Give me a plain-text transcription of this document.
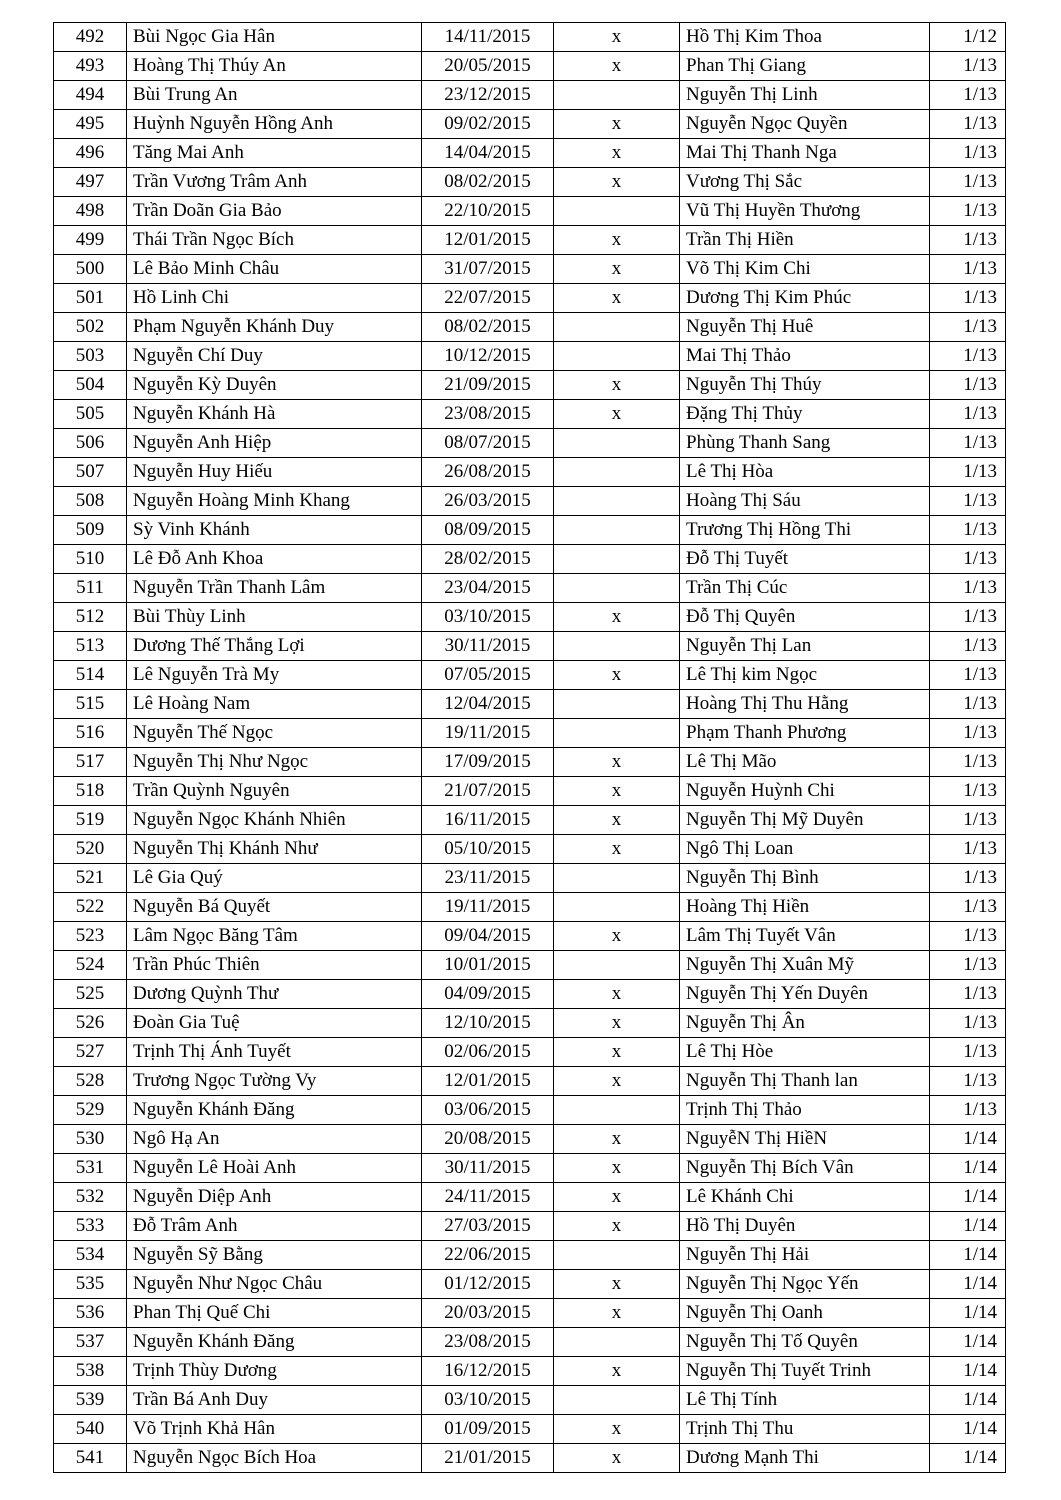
492	Bùi Ngọc Gia Hân	14/11/2015	x	Hồ Thị Kim Thoa	1/12
493	Hoàng Thị Thúy An	20/05/2015	x	Phan Thị Giang	1/13
494	Bùi Trung An	23/12/2015		Nguyễn Thị Linh	1/13
495	Huỳnh Nguyễn Hồng Anh	09/02/2015	x	Nguyễn Ngọc Quyền	1/13
496	Tăng Mai Anh	14/04/2015	x	Mai Thị Thanh Nga	1/13
497	Trần Vương Trâm Anh	08/02/2015	x	Vương Thị Sắc	1/13
498	Trần Doãn Gia Bảo	22/10/2015		Vũ Thị Huyền Thương	1/13
499	Thái Trần Ngọc Bích	12/01/2015	x	Trần Thị Hiền	1/13
500	Lê Bảo Minh Châu	31/07/2015	x	Võ Thị Kim Chi	1/13
501	Hồ Linh Chi	22/07/2015	x	Dương Thị Kim Phúc	1/13
502	Phạm Nguyễn Khánh Duy	08/02/2015		Nguyễn Thị Huê	1/13
503	Nguyễn Chí Duy	10/12/2015		Mai Thị Thảo	1/13
504	Nguyễn Kỳ Duyên	21/09/2015	x	Nguyễn Thị Thúy	1/13
505	Nguyễn Khánh Hà	23/08/2015	x	Đặng Thị Thủy	1/13
506	Nguyễn Anh Hiệp	08/07/2015		Phùng Thanh Sang	1/13
507	Nguyễn Huy Hiếu	26/08/2015		Lê Thị Hòa	1/13
508	Nguyễn Hoàng Minh Khang	26/03/2015		Hoàng Thị Sáu	1/13
509	Sỳ Vinh Khánh	08/09/2015		Trương Thị Hồng Thi	1/13
510	Lê Đỗ Anh Khoa	28/02/2015		Đỗ Thị Tuyết	1/13
511	Nguyễn Trần Thanh Lâm	23/04/2015		Trần Thị Cúc	1/13
512	Bùi Thùy Linh	03/10/2015	x	Đỗ Thị Quyên	1/13
513	Dương Thế Thắng Lợi	30/11/2015		Nguyễn Thị Lan	1/13
514	Lê Nguyễn Trà My	07/05/2015	x	Lê Thị kim Ngọc	1/13
515	Lê Hoàng Nam	12/04/2015		Hoàng Thị Thu Hằng	1/13
516	Nguyễn Thế Ngọc	19/11/2015		Phạm Thanh Phương	1/13
517	Nguyễn Thị Như Ngọc	17/09/2015	x	Lê Thị Mão	1/13
518	Trần Quỳnh Nguyên	21/07/2015	x	Nguyễn Huỳnh Chi	1/13
519	Nguyễn Ngọc Khánh Nhiên	16/11/2015	x	Nguyễn Thị Mỹ Duyên	1/13
520	Nguyễn Thị Khánh Như	05/10/2015	x	Ngô Thị Loan	1/13
521	Lê Gia Quý	23/11/2015		Nguyễn Thị Bình	1/13
522	Nguyễn Bá Quyết	19/11/2015		Hoàng Thị Hiền	1/13
523	Lâm Ngọc Băng Tâm	09/04/2015	x	Lâm Thị Tuyết Vân	1/13
524	Trần Phúc Thiên	10/01/2015		Nguyễn Thị Xuân Mỹ	1/13
525	Dương Quỳnh Thư	04/09/2015	x	Nguyễn Thị Yến Duyên	1/13
526	Đoàn Gia Tuệ	12/10/2015	x	Nguyễn Thị Ân	1/13
527	Trịnh Thị Ánh Tuyết	02/06/2015	x	Lê Thị Hòe	1/13
528	Trương Ngọc Tường Vy	12/01/2015	x	Nguyễn Thị Thanh lan	1/13
529	Nguyễn Khánh Đăng	03/06/2015		Trịnh Thị Thảo	1/13
530	Ngô Hạ An	20/08/2015	x	NguyễN Thị HiềN	1/14
531	Nguyễn Lê Hoài Anh	30/11/2015	x	Nguyễn Thị Bích Vân	1/14
532	Nguyễn Diệp Anh	24/11/2015	x	Lê Khánh Chi	1/14
533	Đỗ Trâm Anh	27/03/2015	x	Hồ Thị Duyên	1/14
534	Nguyễn Sỹ Bằng	22/06/2015		Nguyễn Thị Hải	1/14
535	Nguyễn Như Ngọc Châu	01/12/2015	x	Nguyễn Thị Ngọc Yến	1/14
536	Phan Thị Quế Chi	20/03/2015	x	Nguyễn Thị Oanh	1/14
537	Nguyễn Khánh Đăng	23/08/2015		Nguyễn Thị Tố Quyên	1/14
538	Trịnh Thùy Dương	16/12/2015	x	Nguyễn Thị Tuyết Trinh	1/14
539	Trần Bá Anh Duy	03/10/2015		Lê Thị Tính	1/14
540	Võ Trịnh Khả Hân	01/09/2015	x	Trịnh Thị Thu	1/14
541	Nguyễn Ngọc Bích Hoa	21/01/2015	x	Dương Mạnh Thi	1/14
